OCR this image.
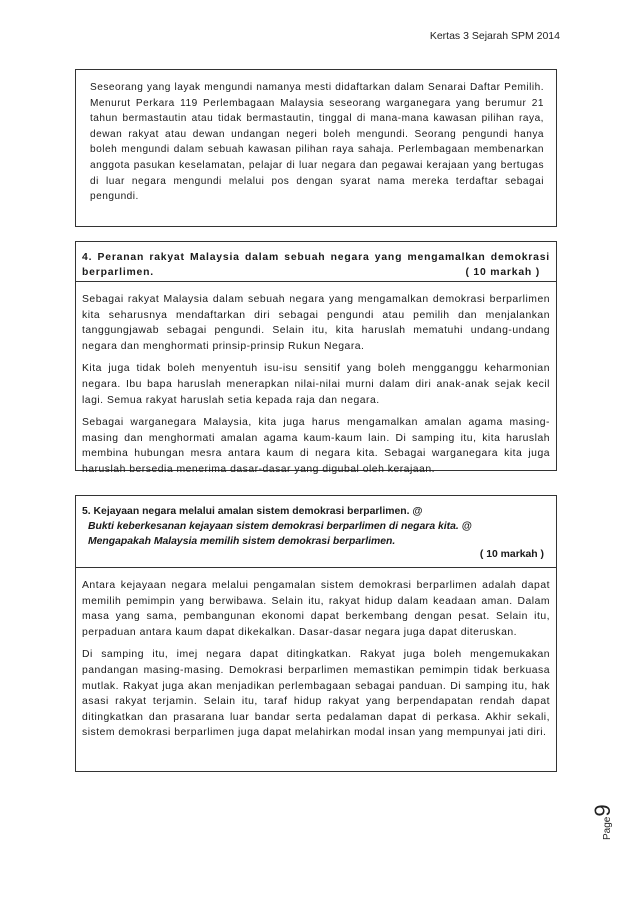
Kertas 3 Sejarah SPM 2014

Seseorang yang layak mengundi namanya mesti didaftarkan dalam Senarai Daftar Pemilih. Menurut Perkara 119 Perlembagaan Malaysia seseorang warganegara yang berumur 21 tahun bermastautin atau tidak bermastautin, tinggal di mana-mana kawasan pilihan raya, dewan rakyat atau dewan undangan negeri boleh mengundi. Seorang pengundi hanya boleh mengundi dalam sebuah kawasan pilihan raya sahaja. Perlembagaan membenarkan anggota pasukan keselamatan, pelajar di luar negara dan pegawai kerajaan yang bertugas di luar negara mengundi melalui pos dengan syarat nama mereka terdaftar sebagai pengundi.

4. Peranan rakyat Malaysia dalam sebuah negara yang mengamalkan demokrasi berparlimen.	( 10 markah )

Sebagai rakyat Malaysia dalam sebuah negara yang mengamalkan demokrasi berparlimen kita seharusnya mendaftarkan diri sebagai pengundi atau pemilih dan menjalankan tanggungjawab sebagai pengundi. Selain itu, kita haruslah mematuhi undang-undang negara dan menghormati prinsip-prinsip Rukun Negara.

Kita juga tidak boleh menyentuh isu-isu sensitif yang boleh mengganggu keharmonian negara. Ibu bapa haruslah menerapkan nilai-nilai murni dalam diri anak-anak sejak kecil lagi. Semua rakyat haruslah setia kepada raja dan negara.

Sebagai warganegara Malaysia, kita juga harus mengamalkan amalan agama masing-masing dan menghormati amalan agama kaum-kaum lain. Di samping itu, kita haruslah membina hubungan mesra antara kaum di negara kita. Sebagai warganegara kita juga haruslah bersedia menerima dasar-dasar yang digubal oleh kerajaan.

5. Kejayaan negara melalui amalan sistem demokrasi berparlimen. @
Bukti keberkesanan kejayaan sistem demokrasi berparlimen di negara kita. @
Mengapakah Malaysia memilih sistem demokrasi berparlimen.
( 10 markah )

Antara kejayaan negara melalui pengamalan sistem demokrasi berparlimen adalah dapat memilih pemimpin yang berwibawa. Selain itu, rakyat hidup dalam keadaan aman. Dalam masa yang sama, pembangunan ekonomi dapat berkembang dengan pesat. Selain itu, perpaduan antara kaum dapat dikekalkan. Dasar-dasar negara juga dapat diteruskan.

Di samping itu, imej negara dapat ditingkatkan. Rakyat juga boleh mengemukakan pandangan masing-masing. Demokrasi berparlimen memastikan pemimpin tidak berkuasa mutlak. Rakyat juga akan menjadikan perlembagaan sebagai panduan. Di samping itu, hak asasi rakyat terjamin. Selain itu, taraf hidup rakyat yang berpendapatan rendah dapat ditingkatkan dan prasarana luar bandar serta pedalaman dapat di perkasa. Akhir sekali, sistem demokrasi berparlimen juga dapat melahirkan modal insan yang mempunyai jati diri.

Page9
